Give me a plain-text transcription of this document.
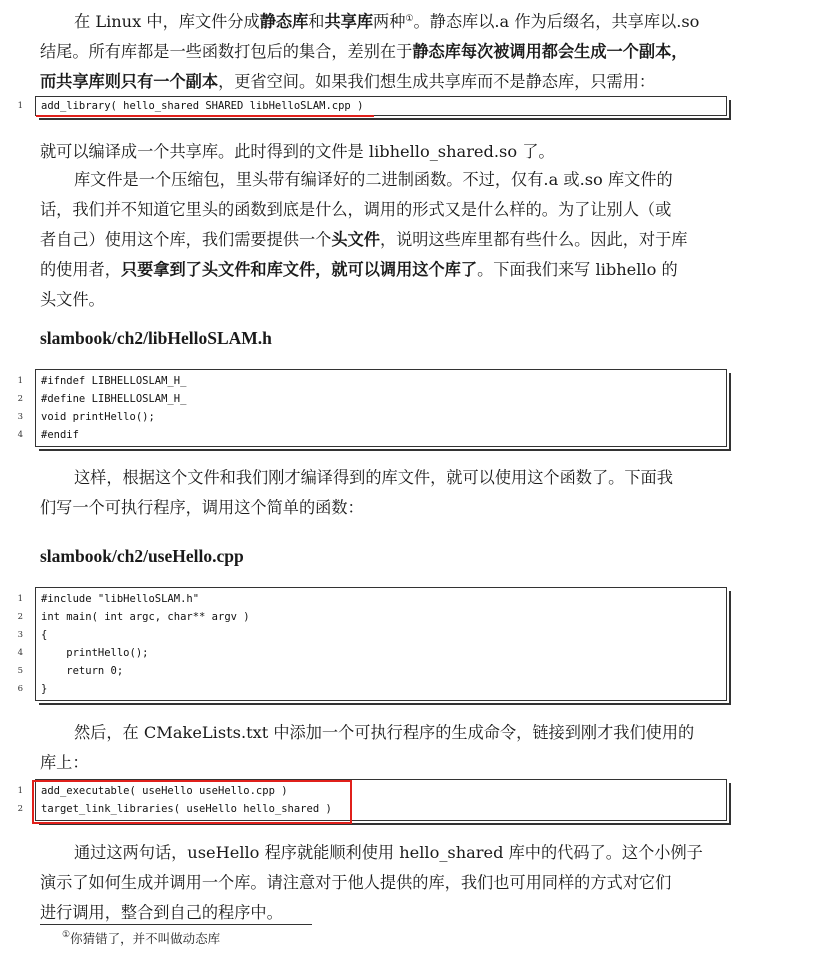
在 Linux 中，库文件分成静态库和共享库两种①。静态库以.a 作为后缀名，共享库以.so
结尾。所有库都是一些函数打包后的集合，差别在于静态库每次被调用都会生成一个副本，
而共享库则只有一个副本，更省空间。如果我们想生成共享库而不是静态库，只需用：
1 add_library( hello_shared SHARED libHelloSLAM.cpp )
就可以编译成一个共享库。此时得到的文件是 libhello_shared.so 了。
库文件是一个压缩包，里头带有编译好的二进制函数。不过，仅有.a 或.so 库文件的
话，我们并不知道它里头的函数到底是什么，调用的形式又是什么样的。为了让别人（或
者自己）使用这个库，我们需要提供一个头文件，说明这些库里都有些什么。因此，对于库
的使用者，只要拿到了头文件和库文件，就可以调用这个库了。下面我们来写 libhello 的
头文件。
slambook/ch2/libHelloSLAM.h
1 #ifndef LIBHELLOSLAM_H_
2 #define LIBHELLOSLAM_H_
3 void printHello();
4 #endif
这样，根据这个文件和我们刚才编译得到的库文件，就可以使用这个函数了。下面我
们写一个可执行程序，调用这个简单的函数：
slambook/ch2/useHello.cpp
1 #include "libHelloSLAM.h"
2 int main( int argc, char** argv )
3 {
4 printHello();
5 return 0;
6 }
然后，在 CMakeLists.txt 中添加一个可执行程序的生成命令，链接到刚才我们使用的
库上：
1 add_executable( useHello useHello.cpp )
2 target_link_libraries( useHello hello_shared )
通过这两句话，useHello 程序就能顺利使用 hello_shared 库中的代码了。这个小例子
演示了如何生成并调用一个库。请注意对于他人提供的库，我们也可用同样的方式对它们
进行调用，整合到自己的程序中。
①你猜错了，并不叫做动态库
